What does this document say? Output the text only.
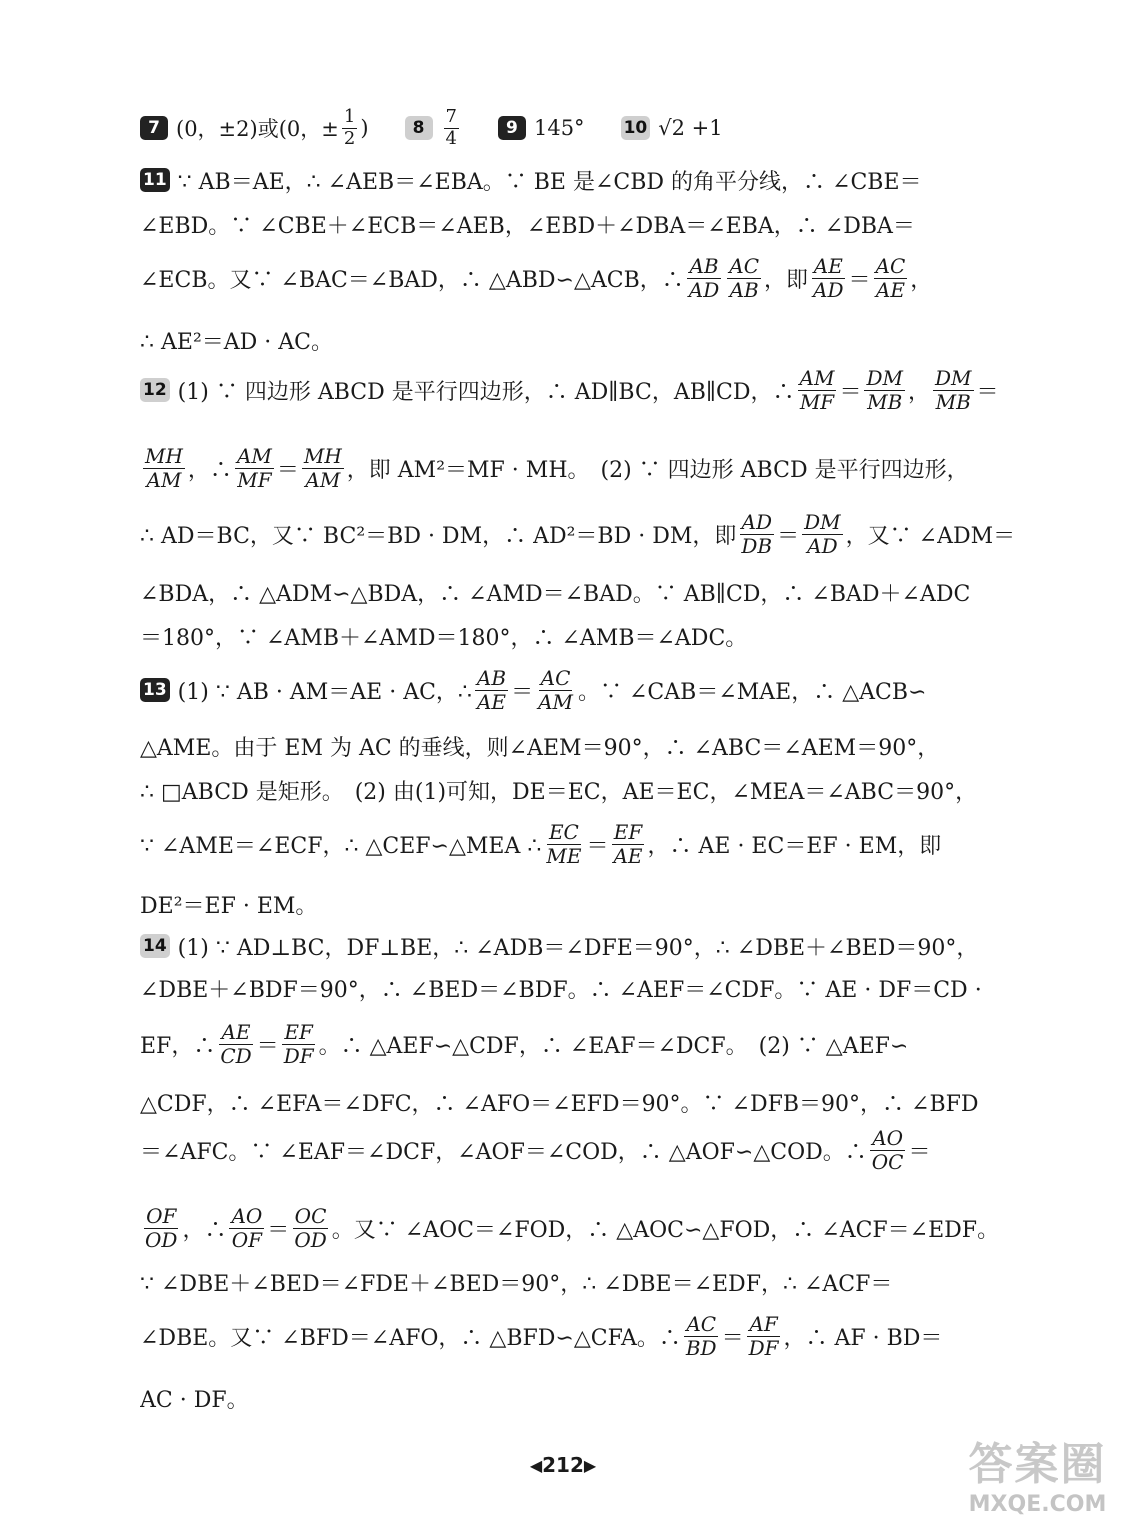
7 (0，±2)或(0，± $\frac{1}{2}$ )	8	$\frac{7}{4}$	9 145° 10 √2 +1
11 ∵ AB＝AE，∴ ∠AEB＝∠EBA。∵ BE 是∠CBD 的角平分线，∴ ∠CBE＝
∠EBD。∵ ∠CBE＋∠ECB＝∠AEB，∠EBD＋∠DBA＝∠EBA，∴ ∠DBA＝
∠ECB。又∵ ∠BAC＝∠BAD，∴ △ABD∽△ACB，∴ $\frac{AB}{AD} \frac{AC}{AB}$ ，即 $\frac{AE}{AD} = \frac{AC}{AE}$ ，
∴ AE²＝AD · AC。
12 (1) ∵ 四边形 ABCD 是平行四边形，∴ AD∥BC，AB∥CD，∴ $\frac{AM}{MF} = \frac{DM}{MB}$ ， $\frac{DM}{MB}$ ＝
$\frac{MH}{AM}$ ，∴ $\frac{AM}{MF} = \frac{MH}{AM}$ ，即 AM²＝MF · MH。　(2) ∵ 四边形 ABCD 是平行四边形，
∴ AD＝BC，又∵ BC²＝BD · DM，∴ AD²＝BD · DM，即 $\frac{AD}{DB} = \frac{DM}{AD}$ ，又∵ ∠ADM＝
∠BDA，∴ △ADM∽△BDA，∴ ∠AMD＝∠BAD。∵ AB∥CD，∴ ∠BAD＋∠ADC
＝180°，∵ ∠AMB＋∠AMD＝180°，∴ ∠AMB＝∠ADC。
13 (1) ∵ AB · AM＝AE · AC，∴ $\frac{AB}{AE} = \frac{AC}{AM}$ 。∵ ∠CAB＝∠MAE，∴ △ACB∽
△AME。由于 EM 为 AC 的垂线，则∠AEM＝90°，∴ ∠ABC＝∠AEM＝90°，
∴ □ABCD 是矩形。　(2) 由(1)可知，DE＝EC，AE＝EC，∠MEA＝∠ABC＝90°，
∵ ∠AME＝∠ECF，∴ △CEF∽△MEA ∴ $\frac{EC}{ME} = \frac{EF}{AE}$ ，∴ AE · EC＝EF · EM，即
DE²＝EF · EM。
14 (1) ∵ AD⊥BC，DF⊥BE，∴ ∠ADB＝∠DFE＝90°，∴ ∠DBE＋∠BED＝90°，
∠DBE＋∠BDF＝90°，∴ ∠BED＝∠BDF。∴ ∠AEF＝∠CDF。∵ AE · DF＝CD ·
EF，∴ $\frac{AE}{CD} = \frac{EF}{DF}$ 。∴ △AEF∽△CDF，∴ ∠EAF＝∠DCF。　(2) ∵ △AEF∽
△CDF，∴ ∠EFA＝∠DFC，∴ ∠AFO＝∠EFD＝90°。∵ ∠DFB＝90°，∴ ∠BFD
＝∠AFC。∵ ∠EAF＝∠DCF，∠AOF＝∠COD，∴ △AOF∽△COD。∴ $\frac{AO}{OC}$ ＝
$\frac{OF}{OD}$ ，∴ $\frac{AO}{OF} = \frac{OC}{OD}$ 。又∵ ∠AOC＝∠FOD，∴ △AOC∽△FOD，∴ ∠ACF＝∠EDF。
∵ ∠DBE＋∠BED＝∠FDE＋∠BED＝90°，∴ ∠DBE＝∠EDF，∴ ∠ACF＝
∠DBE。又∵ ∠BFD＝∠AFO，∴ △BFD∽△CFA。∴ $\frac{AC}{BD} = \frac{AF}{DF}$ ，∴ AF · BD＝
AC · DF。
◀ 212 ▶	答案圈
MXQE.COM
